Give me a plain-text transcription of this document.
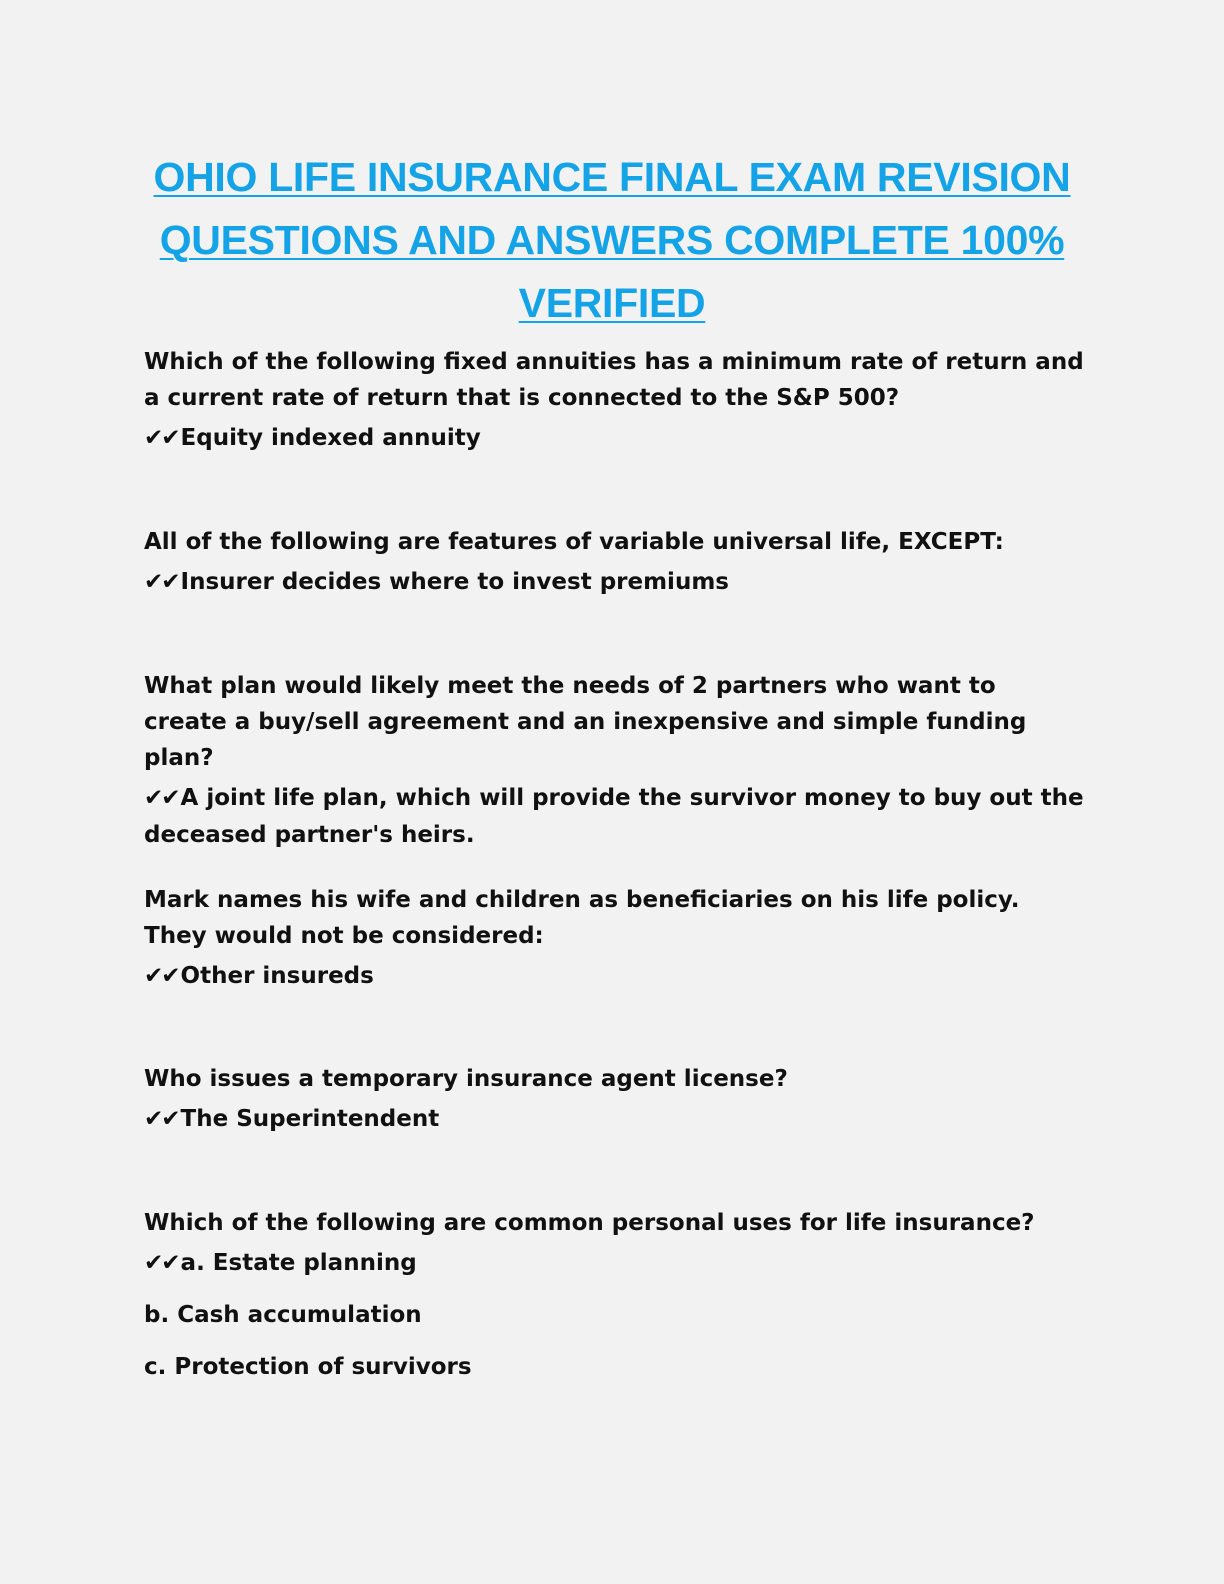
OHIO LIFE INSURANCE FINAL EXAM REVISION
QUESTIONS AND ANSWERS COMPLETE 100%
VERIFIED

Which of the following fixed annuities has a minimum rate of return and a current rate of return that is connected to the S&P 500?

✔✔Equity indexed annuity

All of the following are features of variable universal life, EXCEPT:

✔✔Insurer decides where to invest premiums

What plan would likely meet the needs of 2 partners who want to create a buy/sell agreement and an inexpensive and simple funding plan?

✔✔A joint life plan, which will provide the survivor money to buy out the deceased partner's heirs.

Mark names his wife and children as beneficiaries on his life policy. They would not be considered:

✔✔Other insureds

Who issues a temporary insurance agent license?

✔✔The Superintendent

Which of the following are common personal uses for life insurance?

✔✔a. Estate planning

b. Cash accumulation

c. Protection of survivors
